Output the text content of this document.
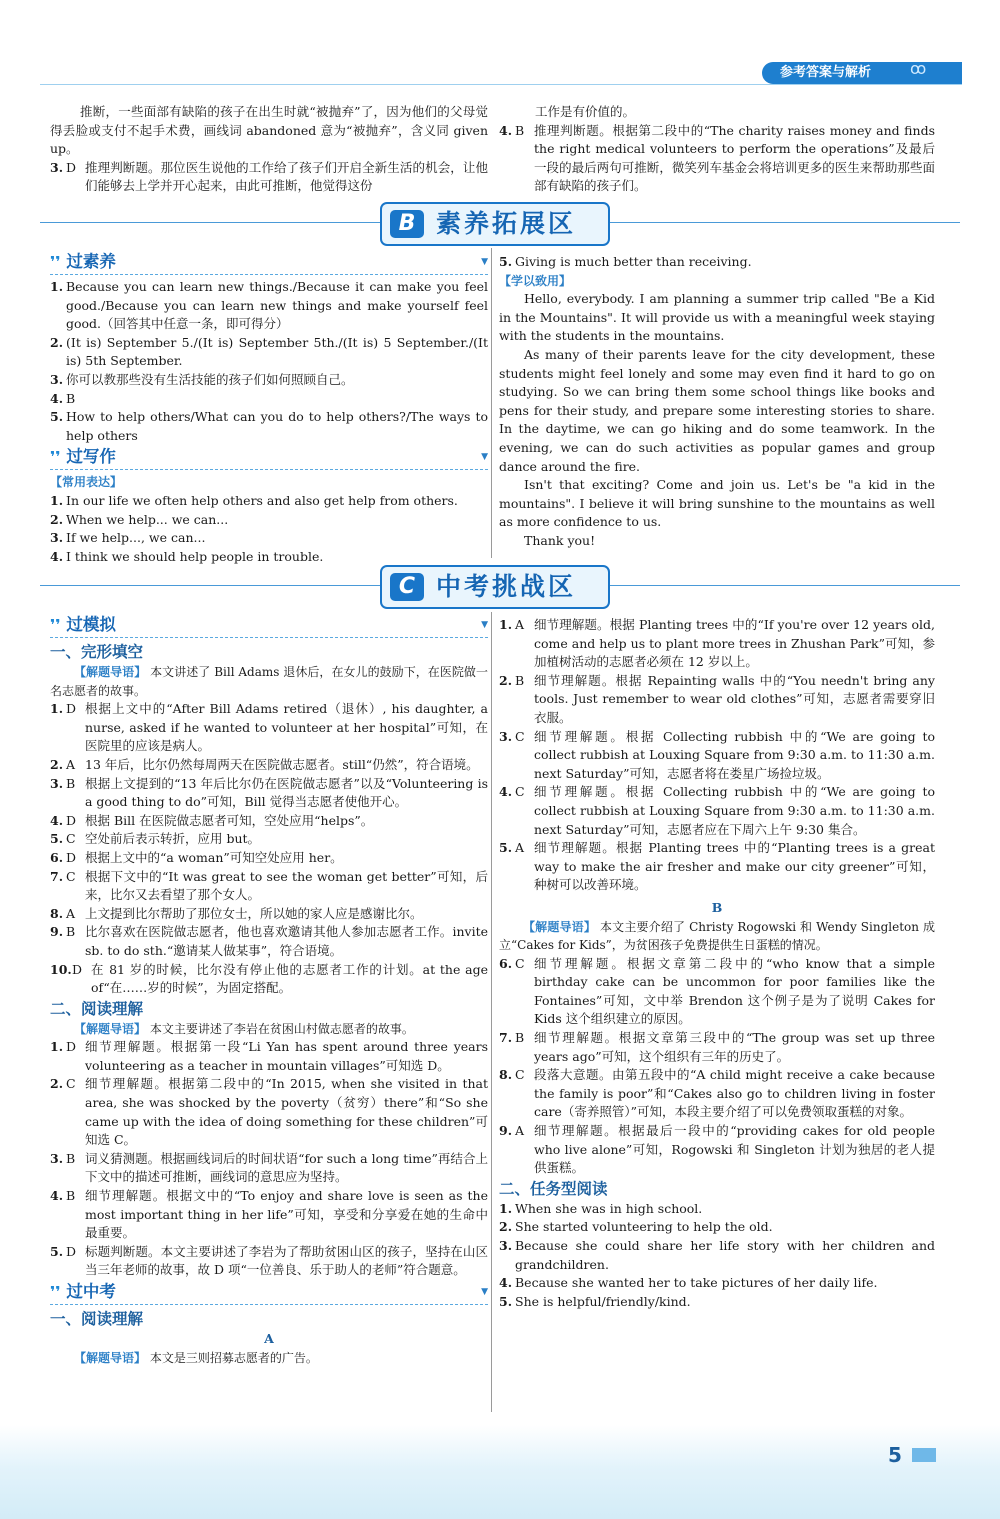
参考答案与解析 ꝏ

推断，一些面部有缺陷的孩子在出生时就“被抛弃”了，因为他们的父母觉得丢脸或支付不起手术费，画线词 abandoned 意为“被抛弃”，含义同 given up。

3. D 推理判断题。那位医生说他的工作给了孩子们开启全新生活的机会，让他们能够去上学并开心起来，由此可推断，他觉得这份
工作是有价值的。
4. B 推理判断题。根据第二段中的“The charity raises money and finds the right medical volunteers to perform the operations”及最后一段的最后两句可推断，微笑列车基金会将培训更多的医生来帮助那些面部有缺陷的孩子们。
B 素养拓展区
❜❜ 过素养	▼
1. Because you can learn new things./Because it can make you feel good./Because you can learn new things and make yourself feel good.（回答其中任意一条，即可得分）
2. (It is) September 5./(It is) September 5th./(It is) 5 September./(It is) 5th September.
3. 你可以教那些没有生活技能的孩子们如何照顾自己。
4. B
5. How to help others/What can you do to help others?/The ways to help others
❜❜ 过写作	▼
【常用表达】
1. In our life we often help others and also get help from others.
2. When we help... we can...
3. If we help..., we can...
4. I think we should help people in trouble.
5. Giving is much better than receiving.
【学以致用】

Hello, everybody. I am planning a summer trip called "Be a Kid in the Mountains". It will provide us with a meaningful week staying with the students in the mountains.

As many of their parents leave for the city development, these students might feel lonely and some may even find it hard to go on studying. So we can bring them some school things like books and pens for their study, and prepare some interesting stories to share. In the daytime, we can go hiking and do some teamwork. In the evening, we can do such activities as popular games and group dance around the fire.

Isn't that exciting? Come and join us. Let's be "a kid in the mountains". I believe it will bring sunshine to the mountains as well as more confidence to us.

Thank you!

C 中考挑战区
❜❜ 过模拟	▼
一、完形填空
【解题导语】 本文讲述了 Bill Adams 退休后，在女儿的鼓励下，在医院做一名志愿者的故事。
1. D 根据上文中的“After Bill Adams retired（退休）, his daughter, a nurse, asked if he wanted to volunteer at her hospital”可知，在医院里的应该是病人。
2. A 13 年后，比尔仍然每周两天在医院做志愿者。still“仍然”，符合语境。
3. B 根据上文提到的“13 年后比尔仍在医院做志愿者”以及“Volunteering is a good thing to do”可知，Bill 觉得当志愿者使他开心。
4. D 根据 Bill 在医院做志愿者可知，空处应用“helps”。
5. C 空处前后表示转折，应用 but。
6. D 根据上文中的“a woman”可知空处应用 her。
7. C 根据下文中的“It was great to see the woman get better”可知，后来，比尔又去看望了那个女人。
8. A 上文提到比尔帮助了那位女士，所以她的家人应是感谢比尔。
9. B 比尔喜欢在医院做志愿者，他也喜欢邀请其他人参加志愿者工作。invite sb. to do sth.“邀请某人做某事”，符合语境。
10. D 在 81 岁的时候，比尔没有停止他的志愿者工作的计划。at the age of“在……岁的时候”，为固定搭配。
二、阅读理解
【解题导语】 本文主要讲述了李岩在贫困山村做志愿者的故事。
1. D 细节理解题。根据第一段“Li Yan has spent around three years volunteering as a teacher in mountain villages”可知选 D。
2. C 细节理解题。根据第二段中的“In 2015, when she visited in that area, she was shocked by the poverty（贫穷）there”和“So she came up with the idea of doing something for these children”可知选 C。
3. B 词义猜测题。根据画线词后的时间状语“for such a long time”再结合上下文中的描述可推断，画线词的意思应为坚持。
4. B 细节理解题。根据文中的“To enjoy and share love is seen as the most important thing in her life”可知，享受和分享爱在她的生命中最重要。
5. D 标题判断题。本文主要讲述了李岩为了帮助贫困山区的孩子，坚持在山区当三年老师的故事，故 D 项“一位善良、乐于助人的老师”符合题意。
❜❜ 过中考	▼
一、阅读理解
A
【解题导语】 本文是三则招募志愿者的广告。
1. A 细节理解题。根据 Planting trees 中的“If you're over 12 years old, come and help us to plant more trees in Zhushan Park”可知，参加植树活动的志愿者必须在 12 岁以上。
2. B 细节理解题。根据 Repainting walls 中的“You needn't bring any tools. Just remember to wear old clothes”可知，志愿者需要穿旧衣服。
3. C 细节理解题。根据 Collecting rubbish 中的“We are going to collect rubbish at Louxing Square from 9:30 a.m. to 11:30 a.m. next Saturday”可知，志愿者将在娄星广场捡垃圾。
4. C 细节理解题。根据 Collecting rubbish 中的“We are going to collect rubbish at Louxing Square from 9:30 a.m. to 11:30 a.m. next Saturday”可知，志愿者应在下周六上午 9:30 集合。
5. A 细节理解题。根据 Planting trees 中的“Planting trees is a great way to make the air fresher and make our city greener”可知，种树可以改善环境。
B
【解题导语】 本文主要介绍了 Christy Rogowski 和 Wendy Singleton 成立“Cakes for Kids”，为贫困孩子免费提供生日蛋糕的情况。
6. C 细节理解题。根据文章第二段中的“who know that a simple birthday cake can be uncommon for poor families like the Fontaines”可知，文中举 Brendon 这个例子是为了说明 Cakes for Kids 这个组织建立的原因。
7. B 细节理解题。根据文章第三段中的“The group was set up three years ago”可知，这个组织有三年的历史了。
8. C 段落大意题。由第五段中的“A child might receive a cake because the family is poor”和“Cakes also go to children living in foster care（寄养照管）”可知，本段主要介绍了可以免费领取蛋糕的对象。
9. A 细节理解题。根据最后一段中的“providing cakes for old people who live alone”可知，Rogowski 和 Singleton 计划为独居的老人提供蛋糕。
二、任务型阅读
1. When she was in high school.
2. She started volunteering to help the old.
3. Because she could share her life story with her children and grandchildren.
4. Because she wanted her to take pictures of her daily life.
5. She is helpful/friendly/kind.
5
